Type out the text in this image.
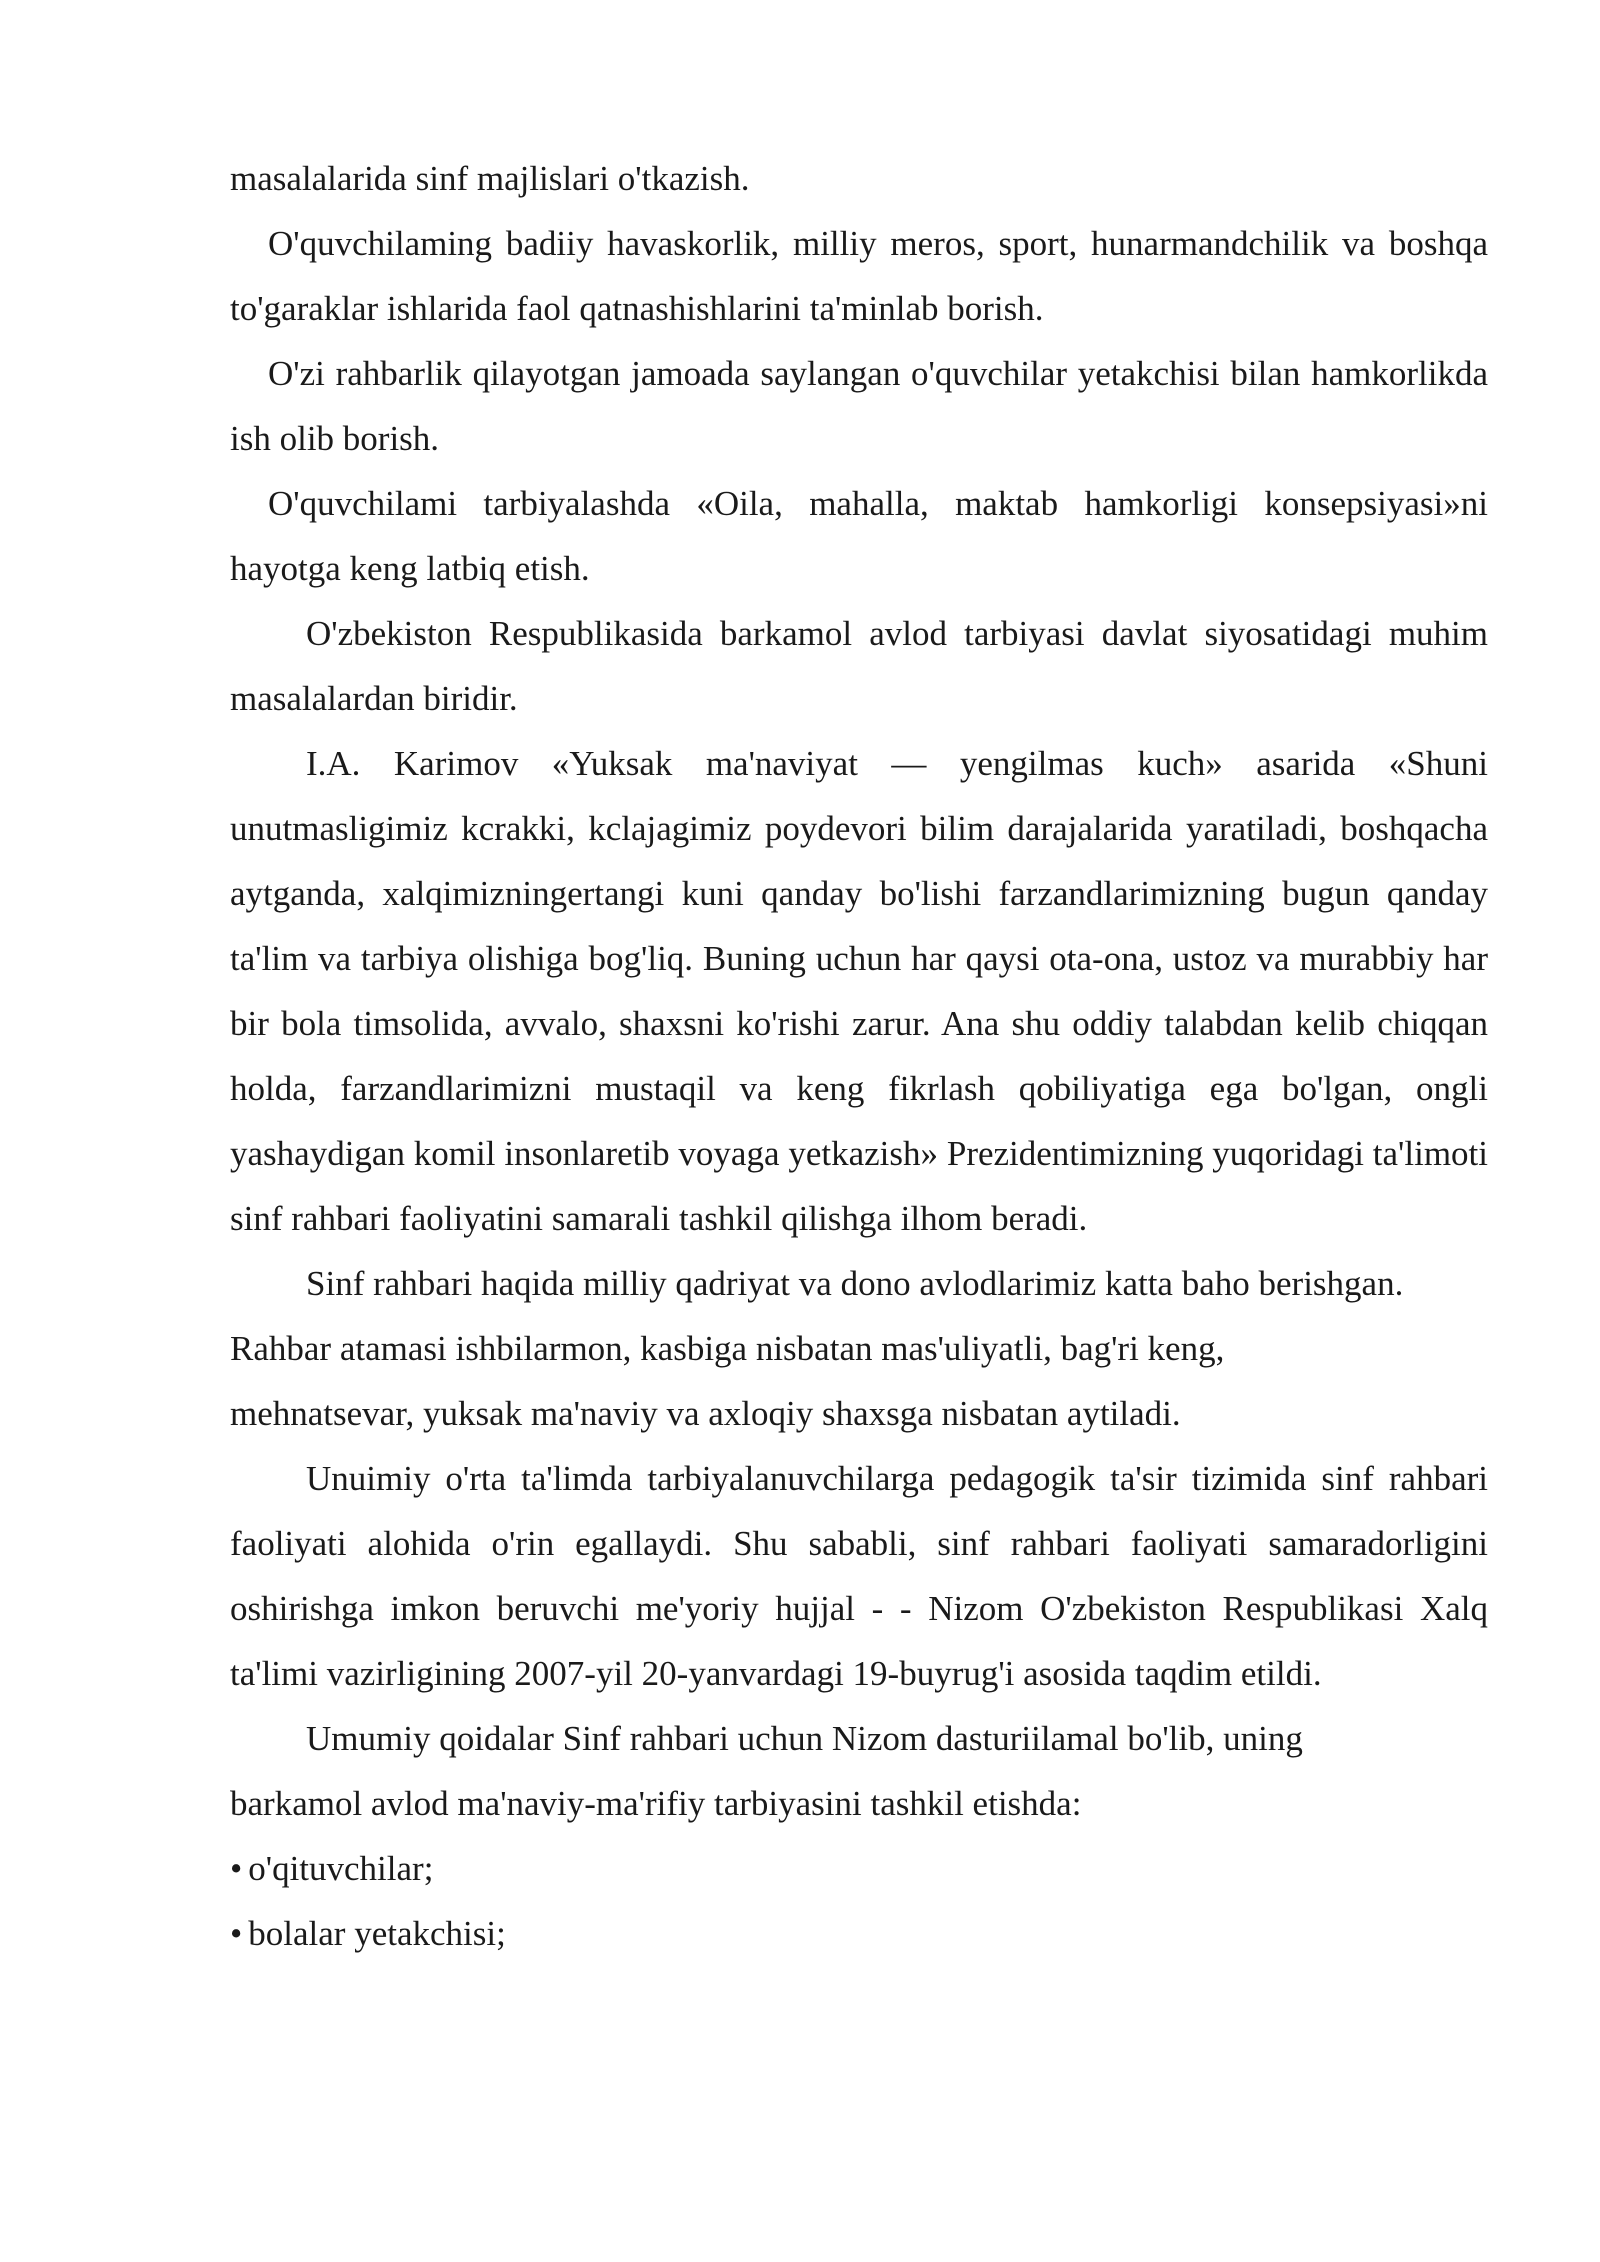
masalalarida sinf majlislari o'tkazish.

O'quvchilaming badiiy havaskorlik, milliy meros, sport, hunarmandchilik va boshqa to'garaklar ishlarida faol qatnashishlarini ta'minlab borish.

O'zi rahbarlik qilayotgan jamoada saylangan o'quvchilar yetakchisi bilan hamkorlikda ish olib borish.

O'quvchilami tarbiyalashda «Oila, mahalla, maktab hamkorligi konsepsiyasi»ni hayotga keng latbiq etish.

O'zbekiston Respublikasida barkamol avlod tarbiyasi davlat siyosatidagi muhim masalalardan biridir.

I.A. Karimov «Yuksak ma'naviyat — yengilmas kuch» asarida «Shuni unutmasligimiz kcrakki, kclajagimiz poydevori bilim darajalarida yaratiladi, boshqacha aytganda, xalqimizningertangi kuni qanday bo'lishi farzandlarimizning bugun qanday ta'lim va tarbiya olishiga bog'liq. Buning uchun har qaysi ota-ona, ustoz va murabbiy har bir bola timsolida, avvalo, shaxsni ko'rishi zarur. Ana shu oddiy talabdan kelib chiqqan holda, farzandlarimizni mustaqil va keng fikrlash qobiliyatiga ega bo'lgan, ongli yashaydigan komil insonlaretib voyaga yetkazish» Prezidentimizning yuqoridagi ta'limoti sinf rahbari faoliyatini samarali tashkil qilishga ilhom beradi.

Sinf rahbari haqida milliy qadriyat va dono avlodlarimiz katta baho berishgan.

Rahbar atamasi ishbilarmon, kasbiga nisbatan mas'uliyatli, bag'ri keng,

mehnatsevar, yuksak ma'naviy va axloqiy shaxsga nisbatan aytiladi.

Unuimiy o'rta ta'limda tarbiyalanuvchilarga pedagogik ta'sir tizimida sinf rahbari faoliyati alohida o'rin egallaydi. Shu sababli, sinf rahbari faoliyati samaradorligini oshirishga imkon beruvchi me'yoriy hujjal - - Nizom O'zbekiston Respublikasi Xalq ta'limi vazirligining 2007-yil 20-yanvardagi 19-buyrug'i asosida taqdim etildi.

Umumiy qoidalar Sinf rahbari uchun Nizom dasturiilamal bo'lib, uning

barkamol avlod ma'naviy-ma'rifiy tarbiyasini tashkil etishda:

• o'qituvchilar;

• bolalar yetakchisi;
